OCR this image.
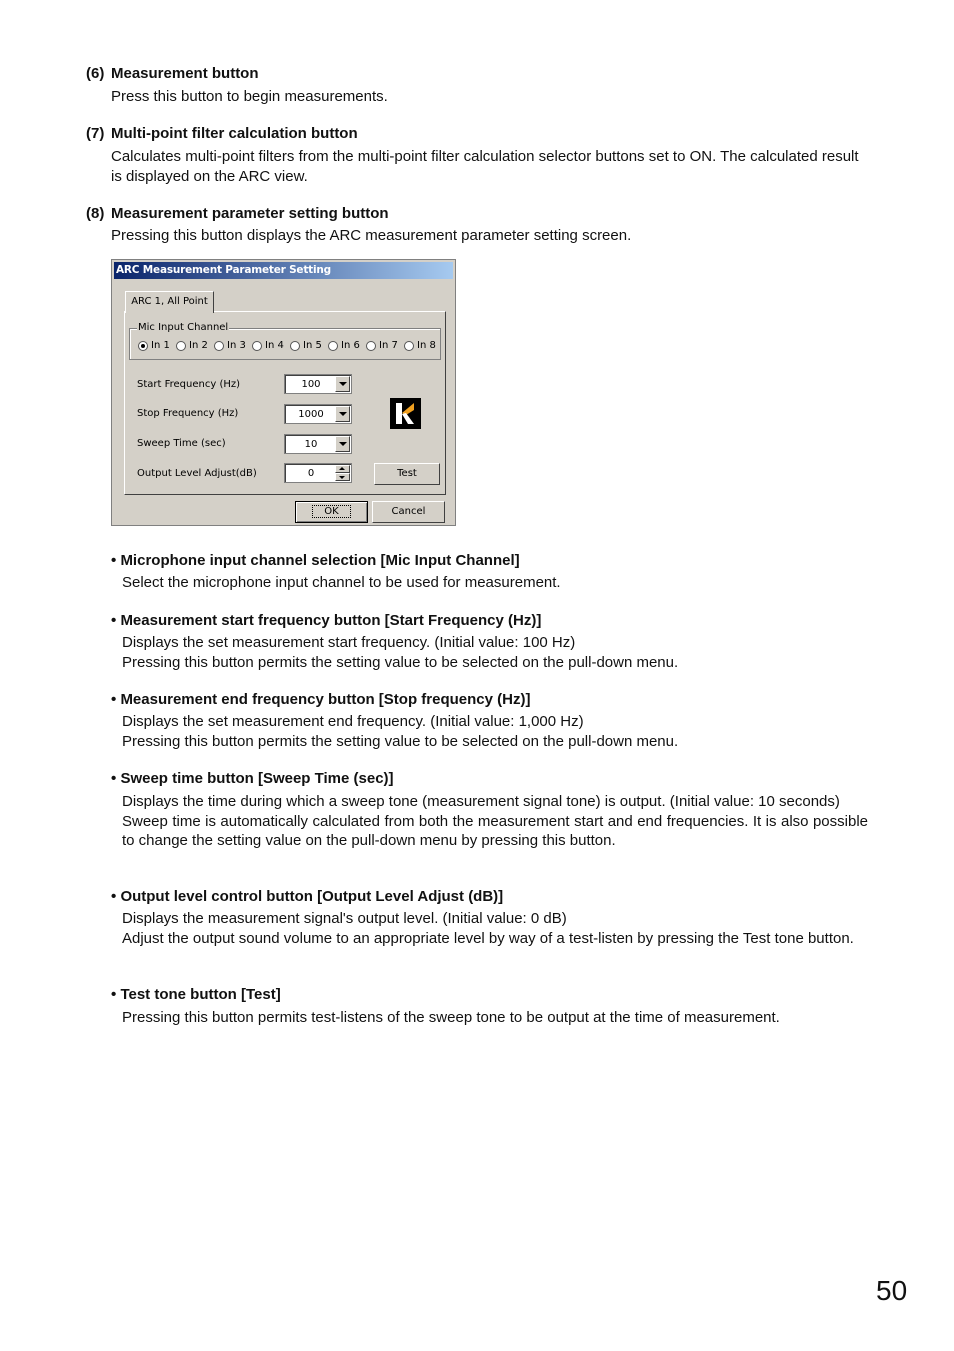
(6) Measurement button
Press this button to begin measurements.
(7) Multi-point filter calculation button
Calculates multi-point filters from the multi-point filter calculation selector buttons set to ON. The calculated result is displayed on the ARC view.
(8) Measurement parameter setting button
Pressing this button displays the ARC measurement parameter setting screen.
ARC Measurement Parameter Setting
ARC 1, All Point
Mic Input Channel
In 1 In 2 In 3 In 4 In 5 In 6 In 7 In 8
Start Frequency (Hz)	100
Stop Frequency (Hz)	1000
Sweep Time (sec)	10
Output Level Adjust(dB)	0	Test
OK	Cancel
• Microphone input channel selection [Mic Input Channel]

Select the microphone input channel to be used for measurement.

• Measurement start frequency button [Start Frequency (Hz)]

Displays the set measurement start frequency. (Initial value: 100 Hz)

Pressing this button permits the setting value to be selected on the pull-down menu.

• Measurement end frequency button [Stop frequency (Hz)]

Displays the set measurement end frequency. (Initial value: 1,000 Hz)

Pressing this button permits the setting value to be selected on the pull-down menu.

• Sweep time button [Sweep Time (sec)]

Displays the time during which a sweep tone (measurement signal tone) is output. (Initial value: 10 seconds)

Sweep time is automatically calculated from both the measurement start and end frequencies. It is also possible to change the setting value on the pull-down menu by pressing this button.

• Output level control button [Output Level Adjust (dB)]

Displays the measurement signal's output level. (Initial value: 0 dB)

Adjust the output sound volume to an appropriate level by way of a test-listen by pressing the Test tone button.

• Test tone button [Test]

Pressing this button permits test-listens of the sweep tone to be output at the time of measurement.

50
